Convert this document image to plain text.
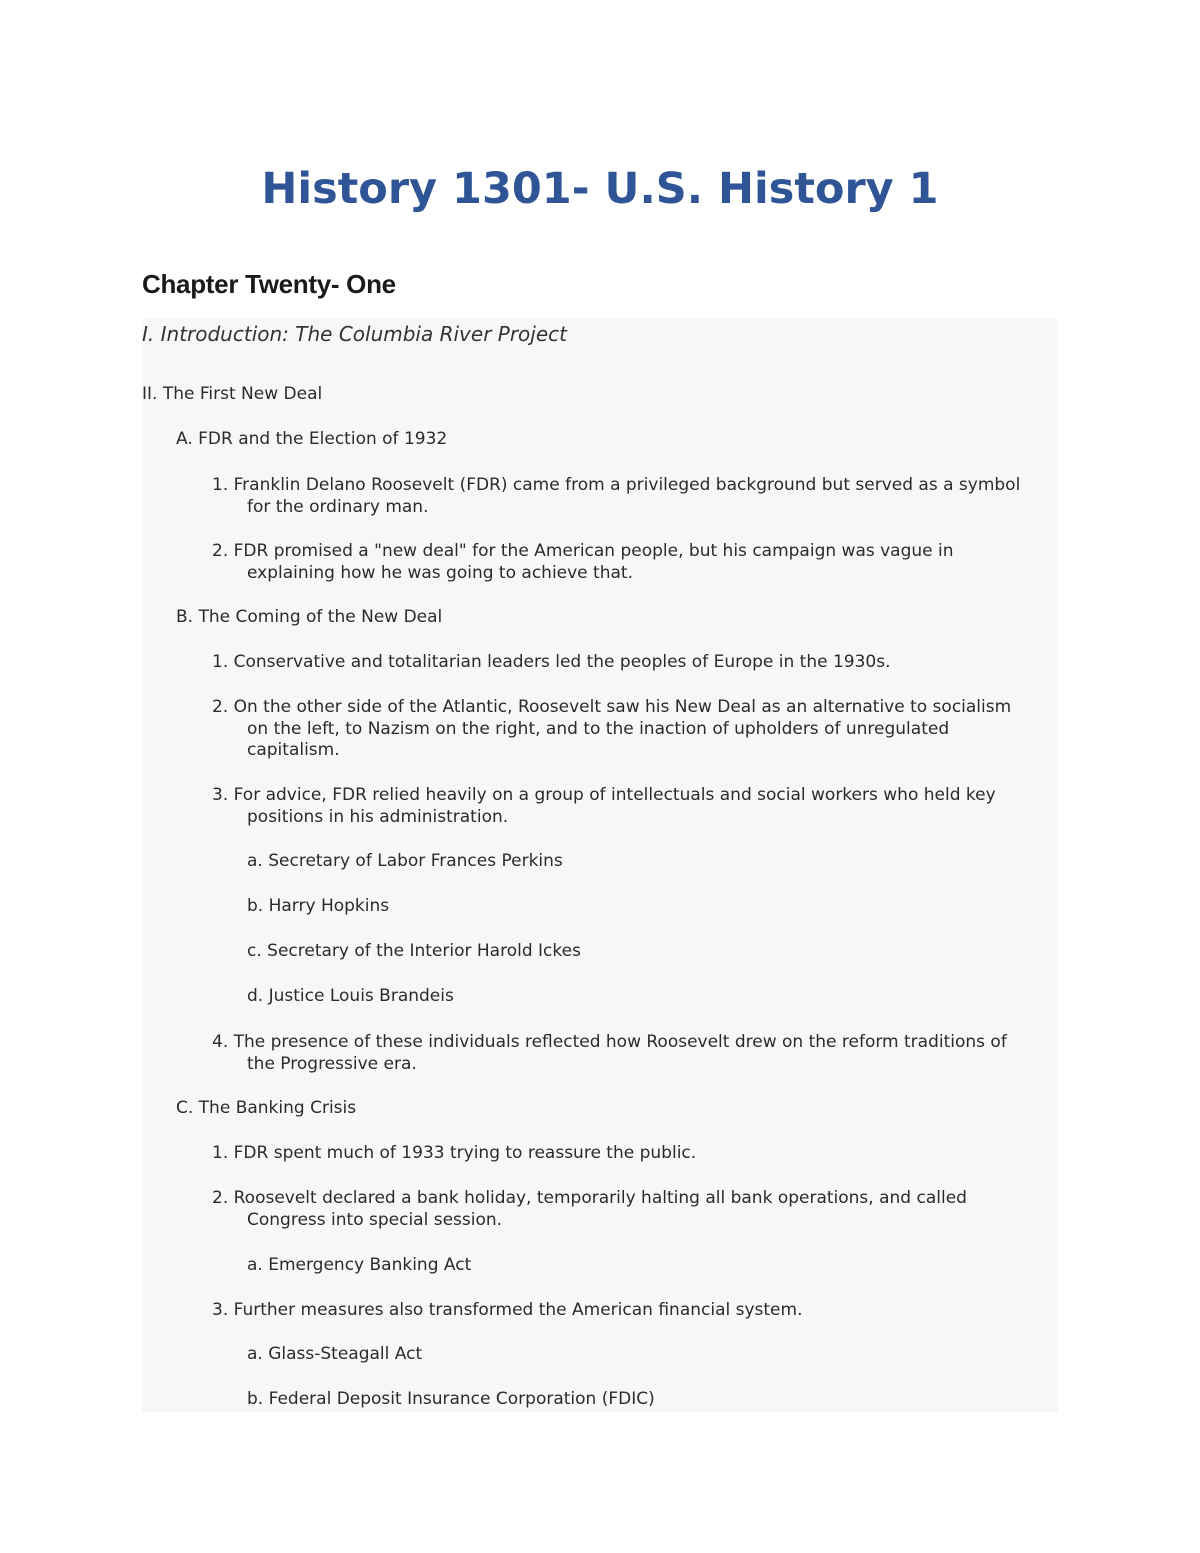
History 1301- U.S. History 1
Chapter Twenty- One
I. Introduction: The Columbia River Project
II. The First New Deal
A. FDR and the Election of 1932
1. Franklin Delano Roosevelt (FDR) came from a privileged background but served as a symbol
for the ordinary man.
2. FDR promised a "new deal" for the American people, but his campaign was vague in
explaining how he was going to achieve that.
B. The Coming of the New Deal
1. Conservative and totalitarian leaders led the peoples of Europe in the 1930s.
2. On the other side of the Atlantic, Roosevelt saw his New Deal as an alternative to socialism
on the left, to Nazism on the right, and to the inaction of upholders of unregulated
capitalism.
3. For advice, FDR relied heavily on a group of intellectuals and social workers who held key
positions in his administration.
a. Secretary of Labor Frances Perkins
b. Harry Hopkins
c. Secretary of the Interior Harold Ickes
d. Justice Louis Brandeis
4. The presence of these individuals reflected how Roosevelt drew on the reform traditions of
the Progressive era.
C. The Banking Crisis
1. FDR spent much of 1933 trying to reassure the public.
2. Roosevelt declared a bank holiday, temporarily halting all bank operations, and called
Congress into special session.
a. Emergency Banking Act
3. Further measures also transformed the American financial system.
a. Glass-Steagall Act
b. Federal Deposit Insurance Corporation (FDIC)
